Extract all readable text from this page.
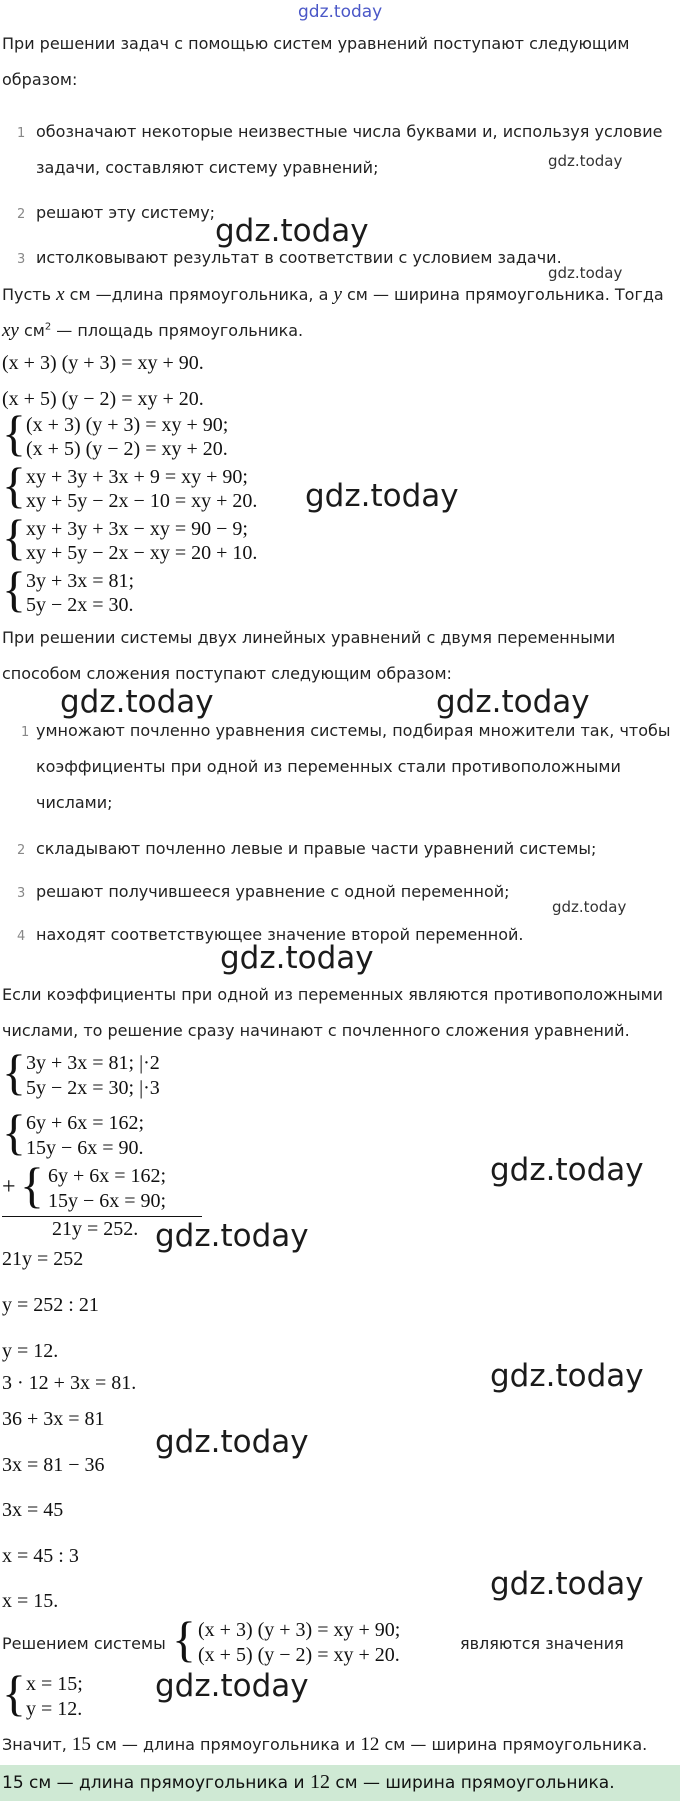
gdz.today
При решении задач с помощью систем уравнений поступают следующим
образом:
1 обозначают некоторые неизвестные числа буквами и, используя условие
задачи, составляют систему уравнений;
2 решают эту систему;
3 истолковывают результат в соответствии с условием задачи.
gdz.today
gdz.today
gdz.today
Пусть x см —длина прямоугольника, а y см — ширина прямоугольника. Тогда
xy $см^2$ — площадь прямоугольника.
(x + 3) (y + 3) = xy + 90.
(x + 5) (y − 2) = xy + 20.
{ (x + 3) (y + 3) = xy + 90;
(x + 5) (y − 2) = xy + 20.
{ xy + 3y + 3x + 9 = xy + 90;
xy + 5y − 2x − 10 = xy + 20. gdz.today
{ xy + 3y + 3x − xy = 90 − 9;
xy + 5y − 2x − xy = 20 + 10.
{ 3y + 3x = 81;
5y − 2x = 30.
При решении системы двух линейных уравнений с двумя переменными
способом сложения поступают следующим образом:
gdz.today	gdz.today
1 умножают почленно уравнения системы, подбирая множители так, чтобы
коэффициенты при одной из переменных стали противоположными
числами;
2 складывают почленно левые и правые части уравнений системы;
3 решают получившееся уравнение с одной переменной;
4 находят соответствующее значение второй переменной.
gdz.today
gdz.today
Если коэффициенты при одной из переменных являются противоположными
числами, то решение сразу начинают с почленного сложения уравнений.
{ 3y + 3x = 81; |·2
5y − 2x = 30; |·3
{ 6y + 6x = 162;
15y − 6x = 90.
+ { 6y + 6x = 162;
15y − 6x = 90;
21y = 252.
gdz.today
gdz.today
21y = 252
y = 252 : 21
y = 12.
3 · 12 + 3x = 81.
36 + 3x = 81
3x = 81 − 36
3x = 45
x = 45 : 3
x = 15.
gdz.today
gdz.today
gdz.today
Решением системы { (x + 3) (y + 3) = xy + 90;
(x + 5) (y − 2) = xy + 20.
являются значения
{ x = 15;
y = 12.
gdz.today
Значит, 15 см — длина прямоугольника и 12 см — ширина прямоугольника.
15 см — длина прямоугольника и 12 см — ширина прямоугольника.
